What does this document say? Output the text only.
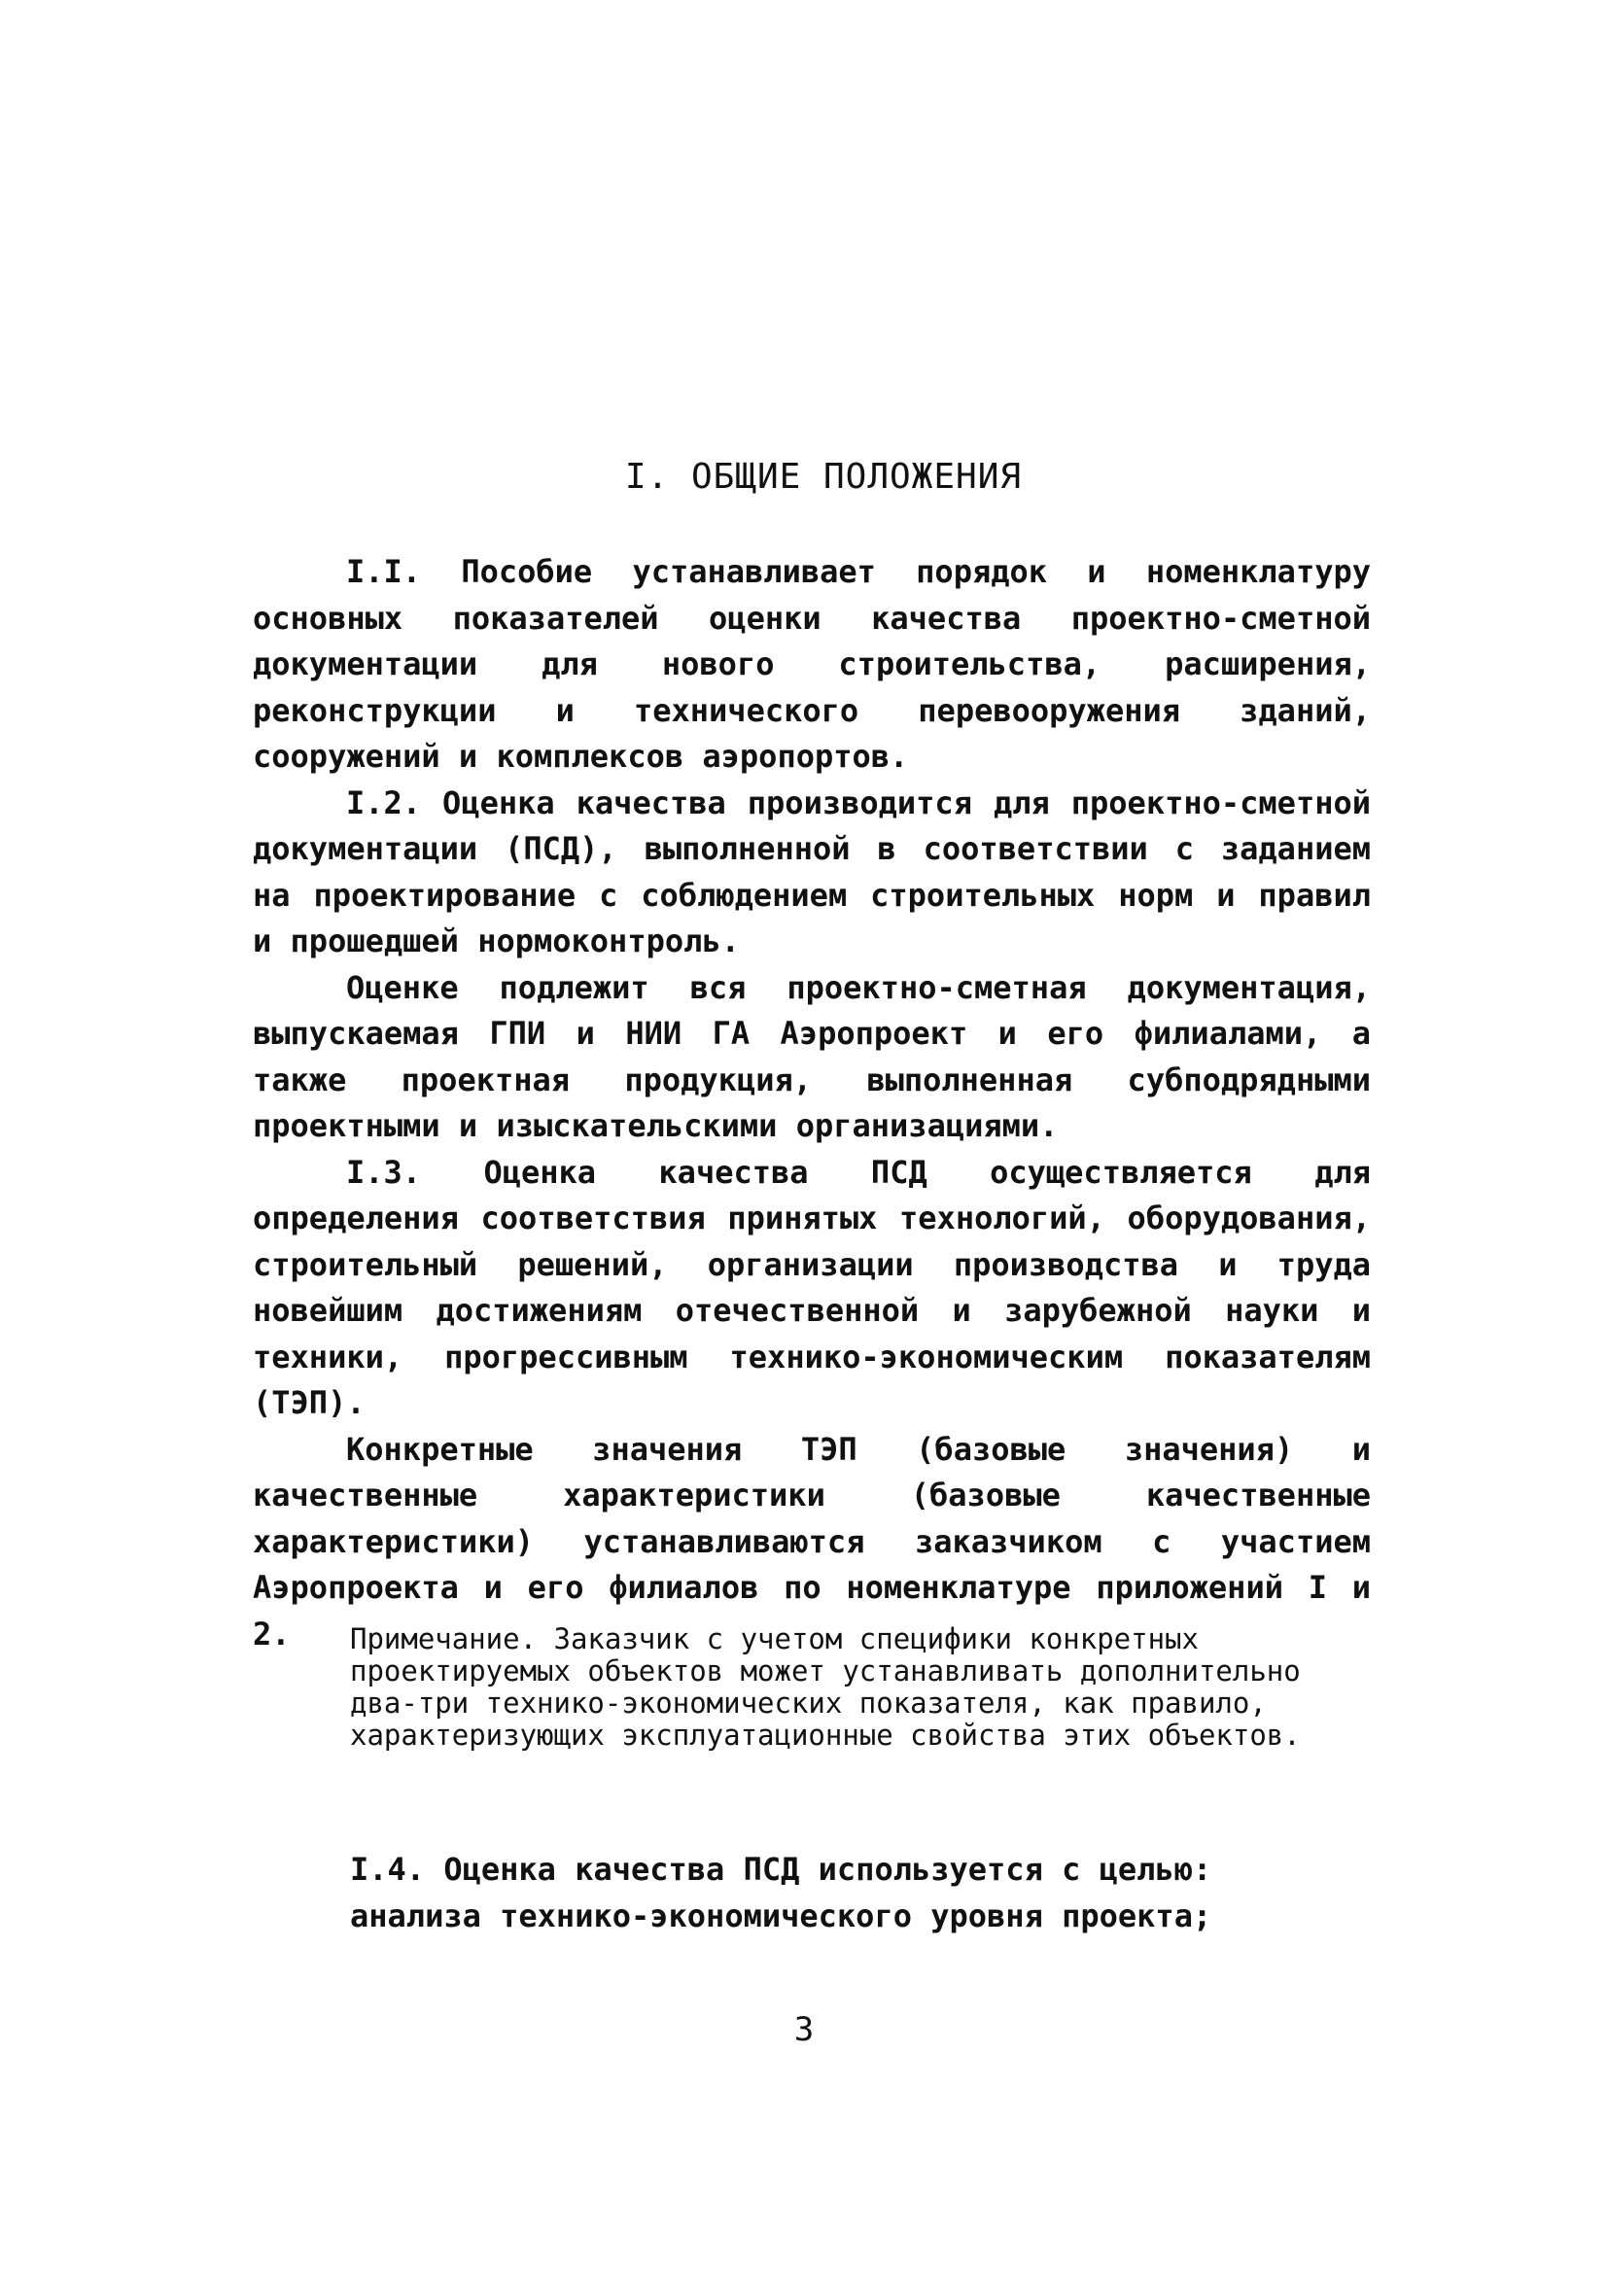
I. ОБЩИЕ ПОЛОЖЕНИЯ

I.I. Пособие устанавливает порядок и номенклатуру основных показателей оценки качества проектно-сметной документации для нового строительства, расширения, реконструкции и технического перевооружения зданий, сооружений и комплексов аэропортов.

I.2. Оценка качества производится для проектно-сметной документации (ПСД), выполненной в соответствии с заданием на проектирование с соблюдением строительных норм и правил и прошедшей нормоконтроль.

Оценке подлежит вся проектно-сметная документация, выпускаемая ГПИ и НИИ ГА Аэропроект и его филиалами, а также проектная продукция, выполненная субподрядными проектными и изыскательскими организациями.

I.3. Оценка качества ПСД осуществляется для определения соответствия принятых технологий, оборудования, строительный решений, организации производства и труда новейшим достижениям отечественной и зарубежной науки и техники, прогрессивным технико-экономическим показателям (ТЭП).

Конкретные значения ТЭП (базовые значения) и качественные характеристики (базовые качественные характеристики) устанавливаются заказчиком с участием Аэропроекта и его филиалов по номенклатуре приложений I и 2.	Примечание. Заказчик с учетом специфики конкретных проектируемых объектов может устанавливать дополнительно два-три технико-экономических показателя, как правило, характеризующих эксплуатационные свойства этих объектов.

I.4. Оценка качества ПСД используется с целью:

анализа технико-экономического уровня проекта;

3
